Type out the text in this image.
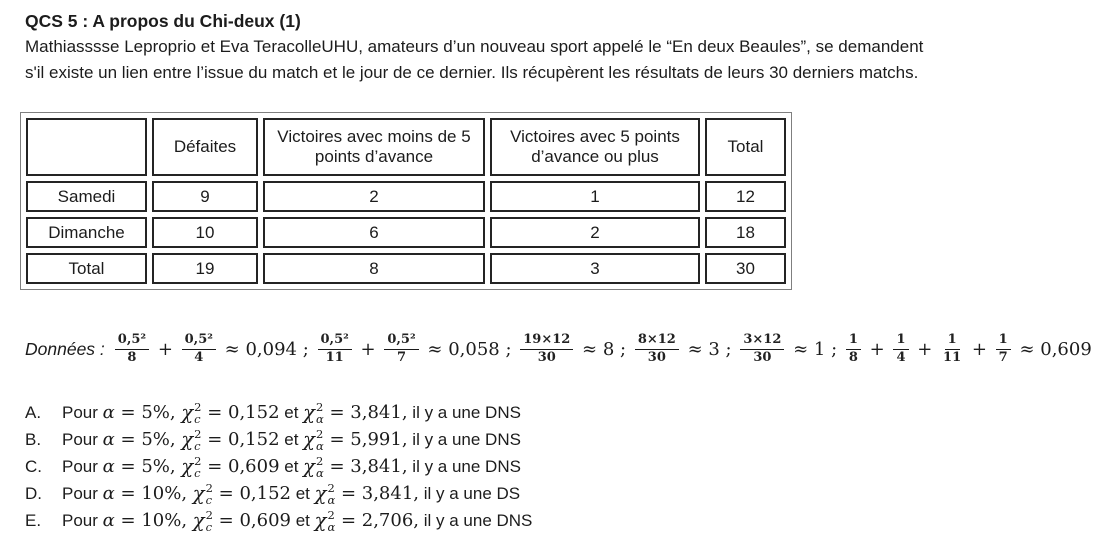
QCS 5 : A propos du Chi-deux (1)

Mathiasssse Leproprio et Eva TeracolleUHU, amateurs d’un nouveau sport appelé le “En deux Beaules”, se demandent

s'il existe un lien entre l’issue du match et le jour de ce dernier. Ils récupèrent les résultats de leurs 30 derniers matchs.

	Défaites	Victoires avec moins de 5 points d’avance	Victoires avec 5 points d’avance ou plus	Total
Samedi	9	2	1	12
Dimanche	10	6	2	18
Total	19	8	3	30
Données : $\frac{\text{0,5²}}{8} + \frac{\text{0,5²}}{4} \approx 0,094$ ; $\frac{\text{0,5²}}{11} + \frac{\text{0,5²}}{7} \approx 0,058$ ; $\frac{19\times 12}{30} \approx 8$ ; $\frac{8\times 12}{30} \approx 3$ ; $\frac{3\times 12}{30} \approx 1$ ; $\frac{1}{8} + \frac{1}{4} + \frac{1}{11} + \frac{1}{7} \approx 0,609$
A.	Pour α = 5%, χ 2
c = 0,152 et χ 2
α = 3,841, il y a une DNS
B.	Pour α = 5%, χ 2
c = 0,152 et χ 2
α = 5,991, il y a une DNS
C.	Pour α = 5%, χ 2
c = 0,609 et χ 2
α = 3,841, il y a une DNS
D.	Pour α = 10%, χ 2
c = 0,152 et χ 2
α = 3,841, il y a une DS
E.	Pour α = 10%, χ 2
c = 0,609 et χ 2
α = 2,706, il y a une DNS
